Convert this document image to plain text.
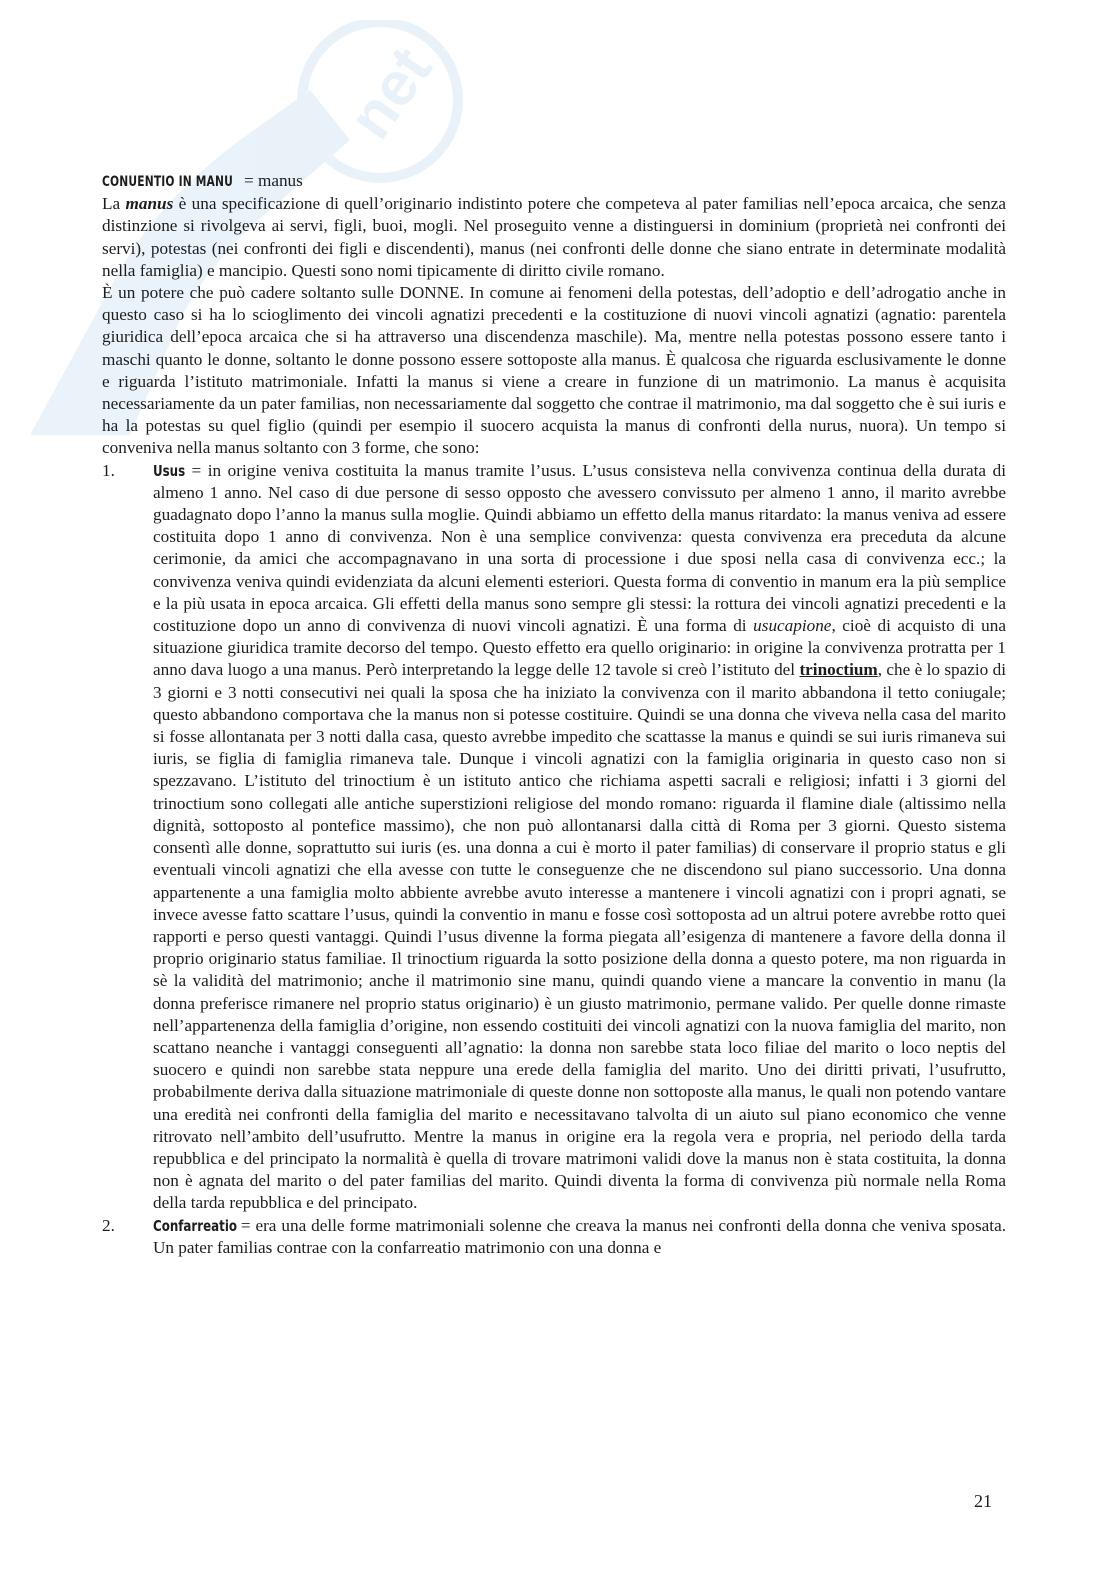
net

CONUENTIO IN MANU = manus

La manus è una specificazione di quell’originario indistinto potere che competeva al pater familias nell’epoca arcaica, che senza distinzione si rivolgeva ai servi, figli, buoi, mogli. Nel proseguito venne a distinguersi in dominium (proprietà nei confronti dei servi), potestas (nei confronti dei figli e discendenti), manus (nei confronti delle donne che siano entrate in determinate modalità nella famiglia) e mancipio. Questi sono nomi tipicamente di diritto civile romano.

È un potere che può cadere soltanto sulle DONNE. In comune ai fenomeni della potestas, dell’adoptio e dell’adrogatio anche in questo caso si ha lo scioglimento dei vincoli agnatizi precedenti e la costituzione di nuovi vincoli agnatizi (agnatio: parentela giuridica dell’epoca arcaica che si ha attraverso una discendenza maschile). Ma, mentre nella potestas possono essere tanto i maschi quanto le donne, soltanto le donne possono essere sottoposte alla manus. È qualcosa che riguarda esclusivamente le donne e riguarda l’istituto matrimoniale. Infatti la manus si viene a creare in funzione di un matrimonio. La manus è acquisita necessariamente da un pater familias, non necessariamente dal soggetto che contrae il matrimonio, ma dal soggetto che è sui iuris e ha la potestas su quel figlio (quindi per esempio il suocero acquista la manus di confronti della nurus, nuora). Un tempo si conveniva nella manus soltanto con 3 forme, che sono:

1. Usus = in origine veniva costituita la manus tramite l’usus. L’usus consisteva nella convivenza continua della durata di almeno 1 anno. Nel caso di due persone di sesso opposto che avessero convissuto per almeno 1 anno, il marito avrebbe guadagnato dopo l’anno la manus sulla moglie. Quindi abbiamo un effetto della manus ritardato: la manus veniva ad essere costituita dopo 1 anno di convivenza. Non è una semplice convivenza: questa convivenza era preceduta da alcune cerimonie, da amici che accompagnavano in una sorta di processione i due sposi nella casa di convivenza ecc.; la convivenza veniva quindi evidenziata da alcuni elementi esteriori. Questa forma di conventio in manum era la più semplice e la più usata in epoca arcaica. Gli effetti della manus sono sempre gli stessi: la rottura dei vincoli agnatizi precedenti e la costituzione dopo un anno di convivenza di nuovi vincoli agnatizi. È una forma di usucapione, cioè di acquisto di una situazione giuridica tramite decorso del tempo. Questo effetto era quello originario: in origine la convivenza protratta per 1 anno dava luogo a una manus. Però interpretando la legge delle 12 tavole si creò l’istituto del trinoctium, che è lo spazio di 3 giorni e 3 notti consecutivi nei quali la sposa che ha iniziato la convivenza con il marito abbandona il tetto coniugale; questo abbandono comportava che la manus non si potesse costituire. Quindi se una donna che viveva nella casa del marito si fosse allontanata per 3 notti dalla casa, questo avrebbe impedito che scattasse la manus e quindi se sui iuris rimaneva sui iuris, se figlia di famiglia rimaneva tale. Dunque i vincoli agnatizi con la famiglia originaria in questo caso non si spezzavano. L’istituto del trinoctium è un istituto antico che richiama aspetti sacrali e religiosi; infatti i 3 giorni del trinoctium sono collegati alle antiche superstizioni religiose del mondo romano: riguarda il flamine diale (altissimo nella dignità, sottoposto al pontefice massimo), che non può allontanarsi dalla città di Roma per 3 giorni. Questo sistema consentì alle donne, soprattutto sui iuris (es. una donna a cui è morto il pater familias) di conservare il proprio status e gli eventuali vincoli agnatizi che ella avesse con tutte le conseguenze che ne discendono sul piano successorio. Una donna appartenente a una famiglia molto abbiente avrebbe avuto interesse a mantenere i vincoli agnatizi con i propri agnati, se invece avesse fatto scattare l’usus, quindi la conventio in manu e fosse così sottoposta ad un altrui potere avrebbe rotto quei rapporti e perso questi vantaggi. Quindi l’usus divenne la forma piegata all’esigenza di mantenere a favore della donna il proprio originario status familiae. Il trinoctium riguarda la sotto posizione della donna a questo potere, ma non riguarda in sè la validità del matrimonio; anche il matrimonio sine manu, quindi quando viene a mancare la conventio in manu (la donna preferisce rimanere nel proprio status originario) è un giusto matrimonio, permane valido. Per quelle donne rimaste nell’appartenenza della famiglia d’origine, non essendo costituiti dei vincoli agnatizi con la nuova famiglia del marito, non scattano neanche i vantaggi conseguenti all’agnatio: la donna non sarebbe stata loco filiae del marito o loco neptis del suocero e quindi non sarebbe stata neppure una erede della famiglia del marito. Uno dei diritti privati, l’usufrutto, probabilmente deriva dalla situazione matrimoniale di queste donne non sottoposte alla manus, le quali non potendo vantare una eredità nei confronti della famiglia del marito e necessitavano talvolta di un aiuto sul piano economico che venne ritrovato nell’ambito dell’usufrutto. Mentre la manus in origine era la regola vera e propria, nel periodo della tarda repubblica e del principato la normalità è quella di trovare matrimoni validi dove la manus non è stata costituita, la donna non è agnata del marito o del pater familias del marito. Quindi diventa la forma di convivenza più normale nella Roma della tarda repubblica e del principato.
2. Confarreatio = era una delle forme matrimoniali solenne che creava la manus nei confronti della donna che veniva sposata. Un pater familias contrae con la confarreatio matrimonio con una donna e
21
